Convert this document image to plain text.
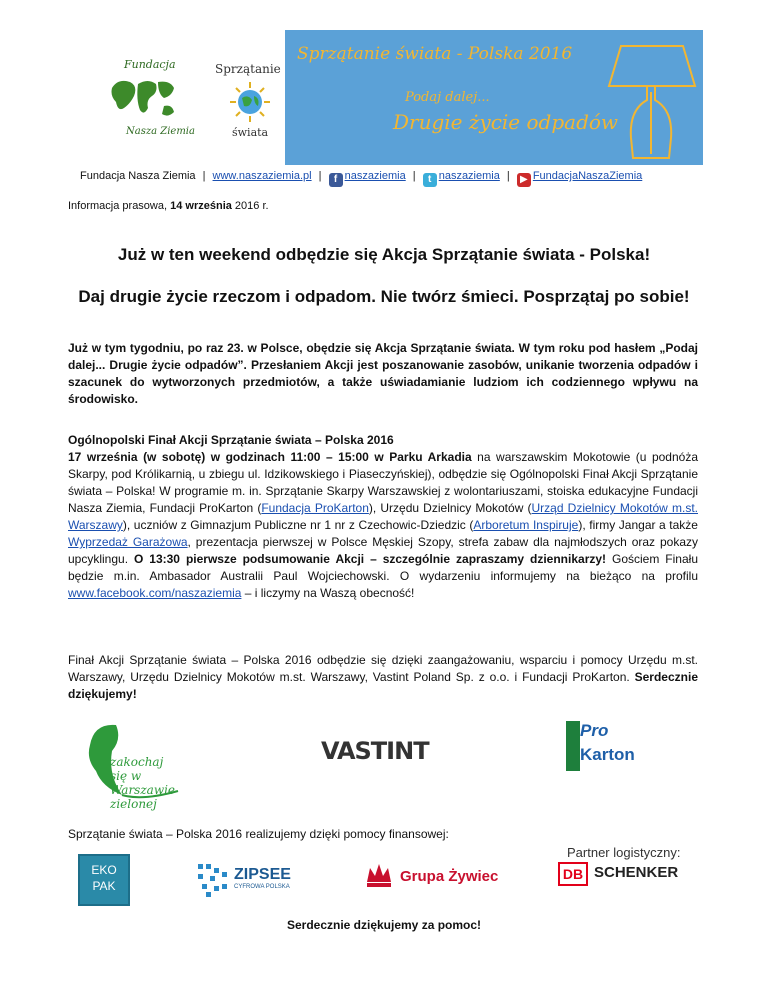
Fundacja
Nasza Ziemia
Sprzątanie
świata
Sprzątanie świata - Polska 2016
Podaj dalej...
Drugie życie odpadów
Fundacja Nasza Ziemia | www.naszaziemia.pl | f naszaziemia | t naszaziemia | ▶ FundacjaNaszaZiemia
Informacja prasowa, 14 września 2016 r.
Już w ten weekend odbędzie się Akcja Sprzątanie świata - Polska!
Daj drugie życie rzeczom i odpadom. Nie twórz śmieci. Posprzątaj po sobie!
Już w tym tygodniu, po raz 23. w Polsce, obędzie się Akcja Sprzątanie świata. W tym roku pod hasłem „Podaj dalej... Drugie życie odpadów”. Przesłaniem Akcji jest poszanowanie zasobów, unikanie tworzenia odpadów i szacunek do wytworzonych przedmiotów, a także uświadamianie ludziom ich codziennego wpływu na środowisko.
Ogólnopolski Finał Akcji Sprzątanie świata – Polska 2016
17 września (w sobotę) w godzinach 11:00 – 15:00 w Parku Arkadia na warszawskim Mokotowie (u podnóża Skarpy, pod Królikarnią, u zbiegu ul. Idzikowskiego i Piaseczyńskiej), odbędzie się Ogólnopolski Finał Akcji Sprzątanie świata – Polska! W programie m. in. Sprzątanie Skarpy Warszawskiej z wolontariuszami, stoiska edukacyjne Fundacji Nasza Ziemia, Fundacji ProKarton (Fundacja ProKarton), Urzędu Dzielnicy Mokotów (Urząd Dzielnicy Mokotów m.st. Warszawy), uczniów z Gimnazjum Publiczne nr 1 nr z Czechowic-Dziedzic (Arboretum Inspiruje), firmy Jangar a także Wyprzedaż Garażowa, prezentacja pierwszej w Polsce Męskiej Szopy, strefa zabaw dla najmłodszych oraz pokazy upcyklingu. O 13:30 pierwsze podsumowanie Akcji – szczególnie zapraszamy dziennikarzy! Gościem Finału będzie m.in. Ambasador Australii Paul Wojciechowski. O wydarzeniu informujemy na bieżąco na profilu www.facebook.com/naszaziemia – i liczymy na Waszą obecność!
Finał Akcji Sprzątanie świata – Polska 2016 odbędzie się dzięki zaangażowaniu, wsparciu i pomocy Urzędu m.st. Warszawy, Urzędu Dzielnicy Mokotów m.st. Warszawy, Vastint Poland Sp. z o.o. i Fundacji ProKarton. Serdecznie dziękujemy!
zakochaj się w Warszawie zielonej
VASTINT
Pro
Karton
Sprzątanie świata – Polska 2016 realizujemy dzięki pomocy finansowej:
Partner logistyczny:
EKO
PAK
ZIPSEE
CYFROWA POLSKA
Grupa Żywiec	DB SCHENKER
Serdecznie dziękujemy za pomoc!
